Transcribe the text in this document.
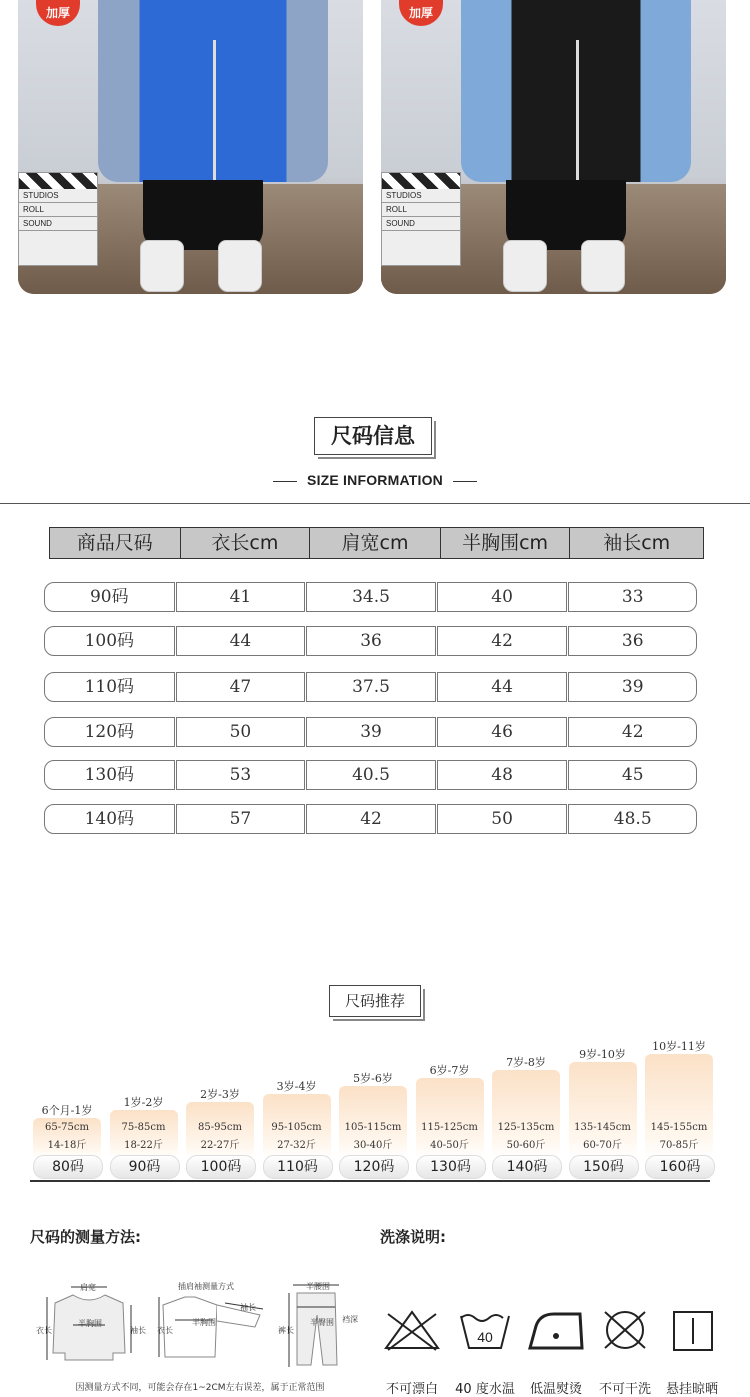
STUDIOS
ROLL
SOUND
加厚
STUDIOS
ROLL
SOUND
加厚
尺码信息
SIZE INFORMATION
商品尺码	衣长cm	肩宽cm	半胸围cm	袖长cm
90码	41	34.5	40	33
100码	44	36	42	36
110码	47	37.5	44	39
120码	50	39	46	42
130码	53	40.5	48	45
140码	57	42	50	48.5
尺码推荐
6个月-1岁
65-75cm
14-18斤
80码
1岁-2岁
75-85cm
18-22斤
90码
2岁-3岁
85-95cm
22-27斤
100码
3岁-4岁
95-105cm
27-32斤
110码
5岁-6岁
105-115cm
30-40斤
120码
6岁-7岁
115-125cm
40-50斤
130码
7岁-8岁
125-135cm
50-60斤
140码
9岁-10岁
135-145cm
60-70斤
150码
10岁-11岁
145-155cm
70-85斤
160码
尺码的测量方法:
肩宽
半胸围
衣长	袖长
插肩袖测量方式
半胸围
衣长
袖长
半腰围
半臀围
裤长
裆深
因测量方式不同，可能会存在1~2CM左右误差，属于正常范围
洗涤说明:
不可漂白
40
40 度水温	低温熨烫	不可干洗	悬挂晾晒
